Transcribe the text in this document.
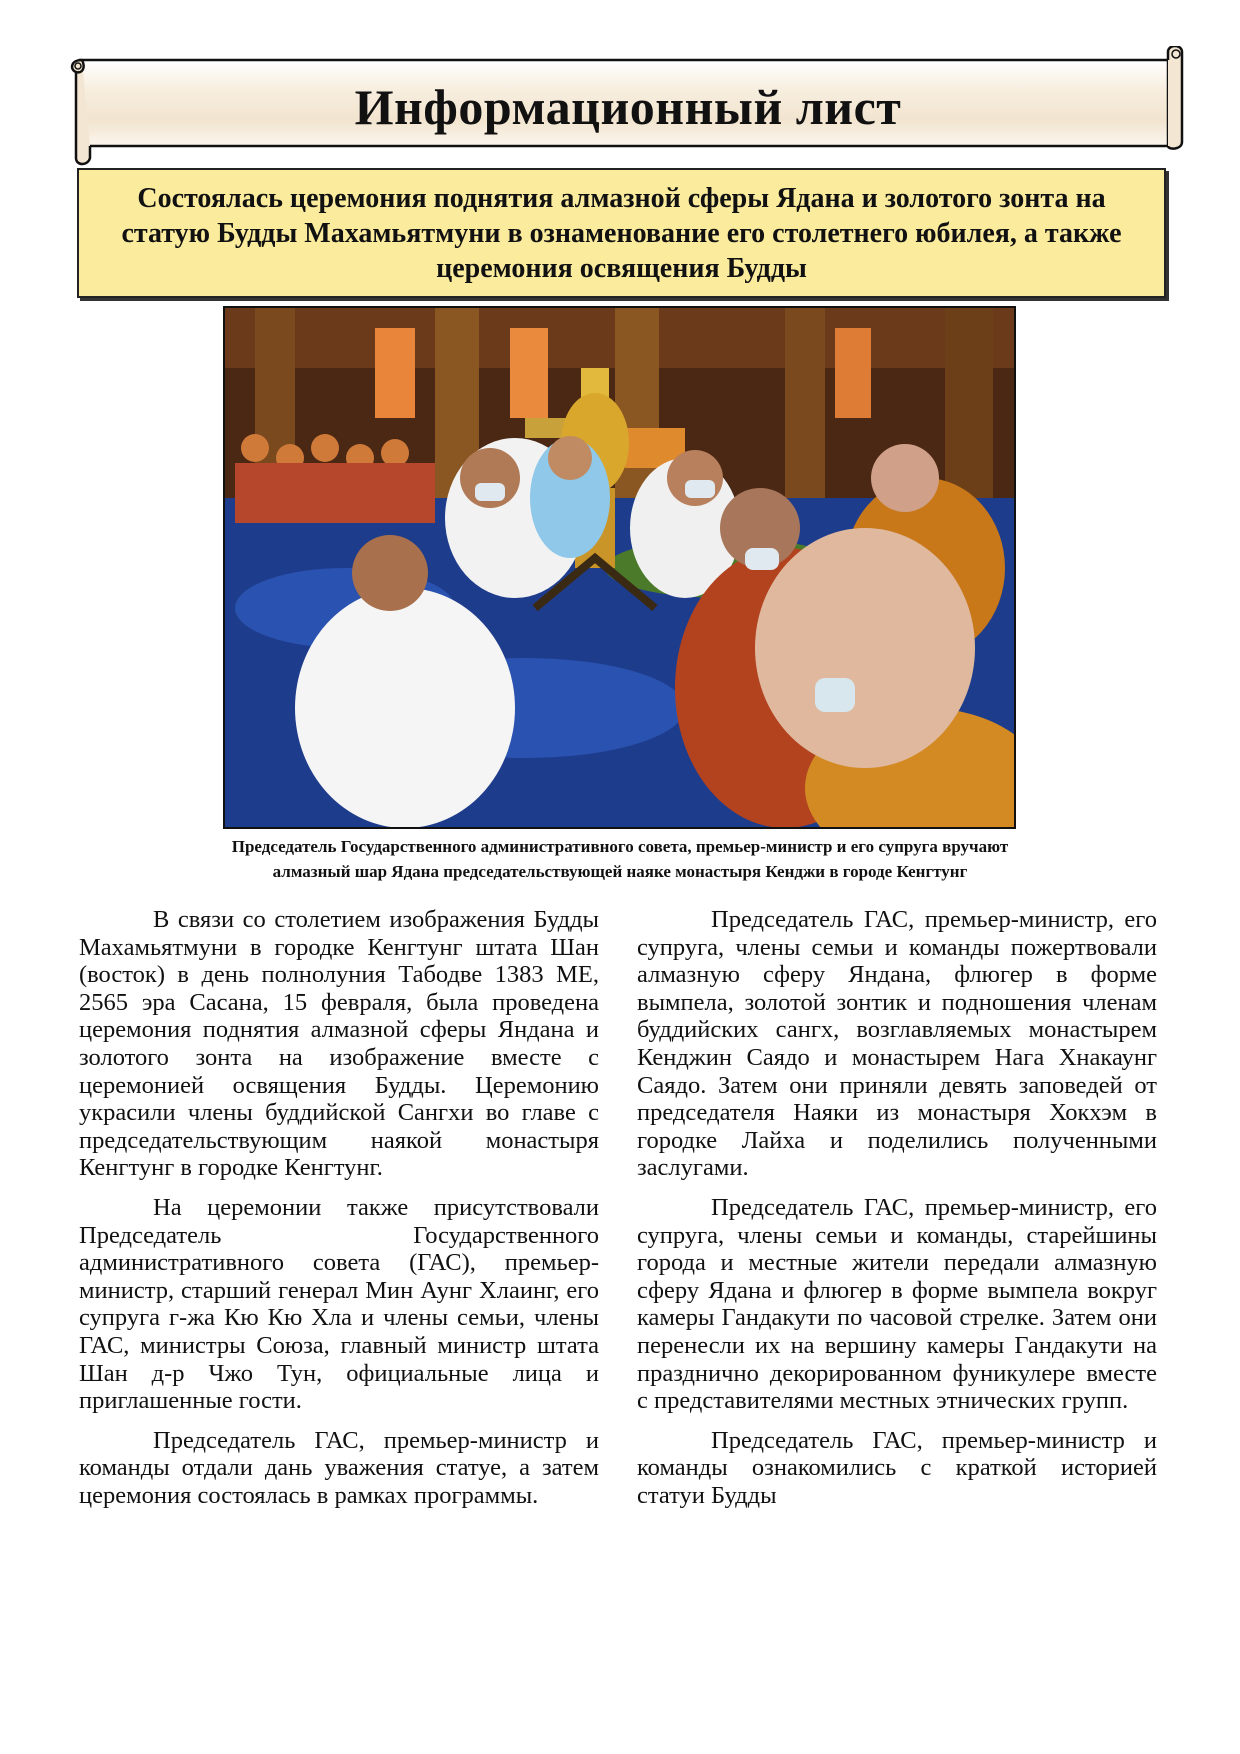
Информационный лист
Состоялась церемония поднятия алмазной сферы Ядана и золотого зонта на статую Будды Махамьятмуни в ознаменование его столетнего юбилея, а также церемония освящения Будды
Председатель Государственного административного совета, премьер-министр и его супруга вручают
алмазный шар Ядана председательствующей наяке монастыря Кенджи в городе Кенгтунг

В связи со столетием изображения Будды Махамьятмуни в городке Кенгтунг штата Шан (восток) в день полнолуния Табодве 1383 ME, 2565 эра Сасана, 15 февраля, была проведена церемония поднятия алмазной сферы Яндана и золотого зонта на изображение вместе с церемонией освящения Будды. Церемонию украсили члены буддийской Сангхи во главе с председательствующим наякой монастыря Кенгтунг в городке Кенгтунг.

На церемонии также присутствовали Председатель Государственного административного совета (ГАС), премьер-министр, старший генерал Мин Аунг Хлаинг, его супруга г-жа Кю Кю Хла и члены семьи, члены ГАС, министры Союза, главный министр штата Шан д-р Чжо Тун, официальные лица и приглашенные гости.

Председатель ГАС, премьер-министр и команды отдали дань уважения статуе, а затем церемония состоялась в рамках программы.

Председатель ГАС, премьер-министр, его супруга, члены семьи и команды пожертвовали алмазную сферу Яндана, флюгер в форме вымпела, золотой зонтик и подношения членам буддийских сангх, возглавляемых монастырем Кенджин Саядо и монастырем Нага Хнакаунг Саядо. Затем они приняли девять заповедей от председателя Наяки из монастыря Хокхэм в городке Лайха и поделились полученными заслугами.

Председатель ГАС, премьер-министр, его супруга, члены семьи и команды, старейшины города и местные жители передали алмазную сферу Ядана и флюгер в форме вымпела вокруг камеры Гандакути по часовой стрелке. Затем они перенесли их на вершину камеры Гандакути на празднично декорированном фуникулере вместе с представителями местных этнических групп.

Председатель ГАС, премьер-министр и команды ознакомились с краткой историей статуи Будды
